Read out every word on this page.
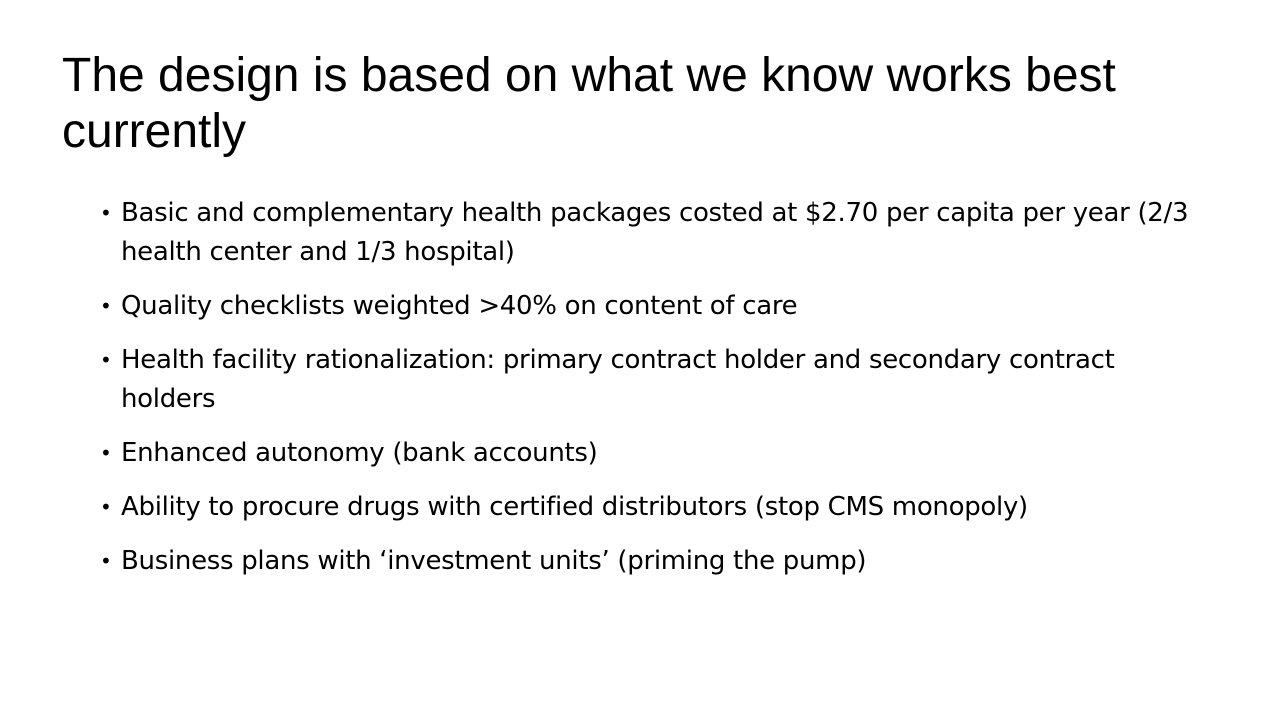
The design is based on what we know works best currently
• Basic and complementary health packages costed at $2.70 per capita per year (2/3 health center and 1/3 hospital)
• Quality checklists weighted >40% on content of care
• Health facility rationalization: primary contract holder and secondary contract holders
• Enhanced autonomy (bank accounts)
• Ability to procure drugs with certified distributors (stop CMS monopoly)
• Business plans with ‘investment units’ (priming the pump)
